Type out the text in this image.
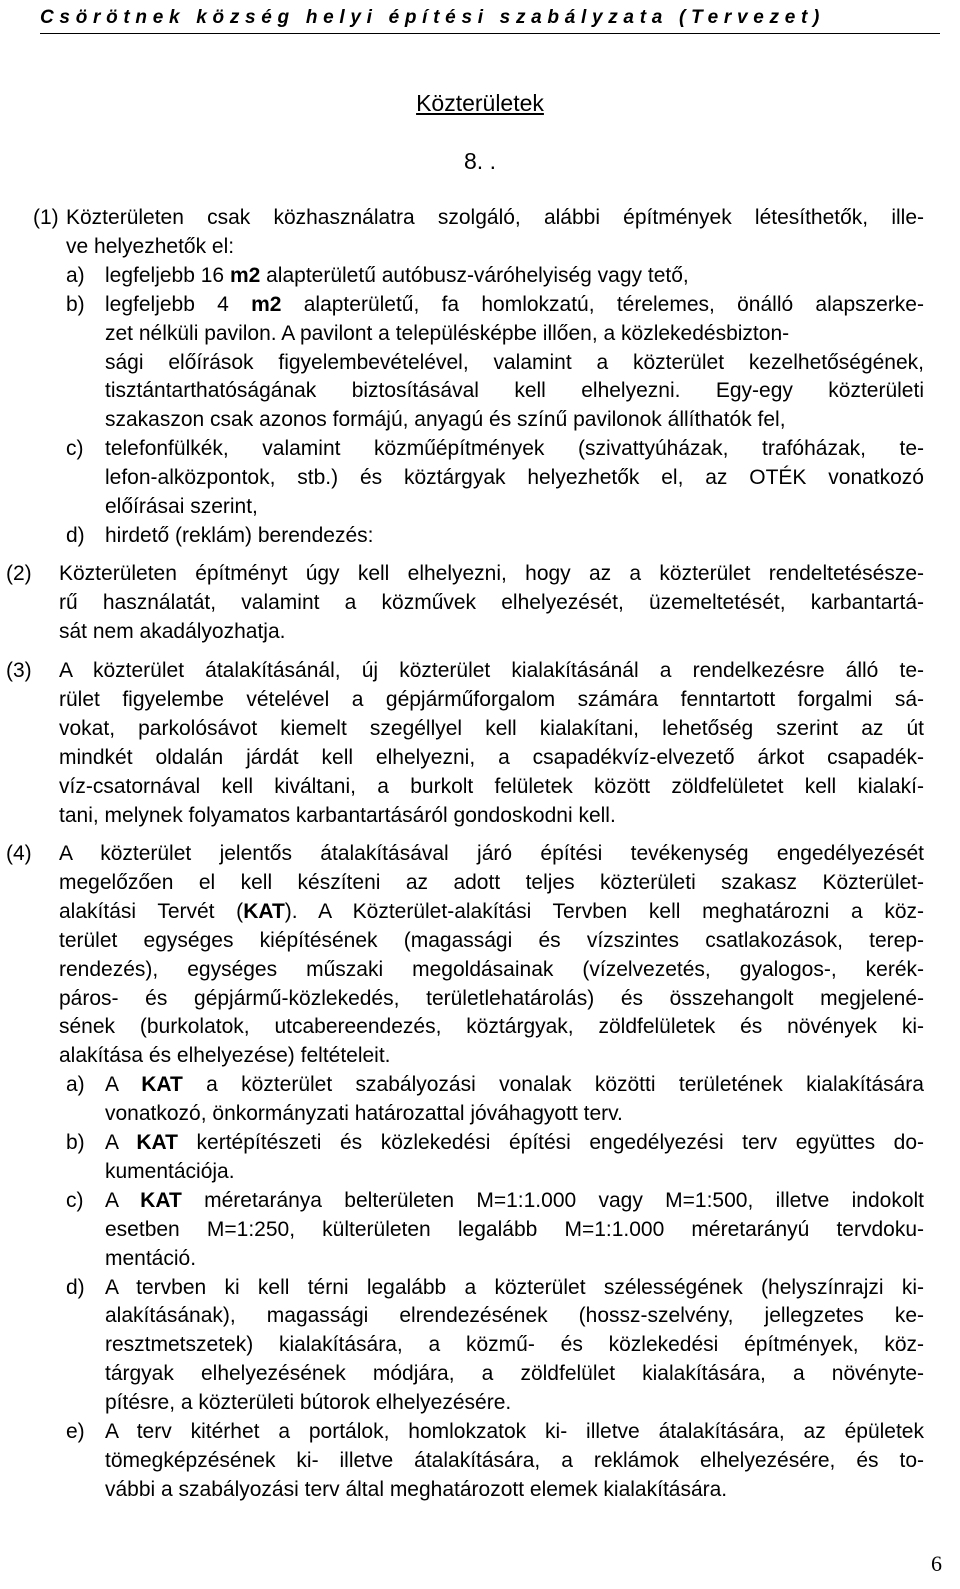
Csörötnek község helyi építési szabályzata (Tervezet)
Közterületek
8. .
(1) Közterületen csak közhasználatra szolgáló, alábbi építmények létesíthetők, ille-
ve helyezhetők el:
a) legfeljebb 16 m2 alapterületű autóbusz-váróhelyiség vagy tető,
b) legfeljebb 4 m2 alapterületű, fa homlokzatú, térelemes, önálló alapszerke-
zet nélküli pavilon. A pavilont a településképbe illően, a közlekedésbizton-
sági előírások figyelembevételével, valamint a közterület kezelhetőségének,
tisztántarthatóságának biztosításával kell elhelyezni. Egy-egy közterületi
szakaszon csak azonos formájú, anyagú és színű pavilonok állíthatók fel,
c) telefonfülkék, valamint közműépítmények (szivattyúházak, trafóházak, te-
lefon-alközpontok, stb.) és köztárgyak helyezhetők el, az OTÉK vonatkozó
előírásai szerint,
d) hirdető (reklám) berendezés:
(2) Közterületen építményt úgy kell elhelyezni, hogy az a közterület rendeltetésésze-
rű használatát, valamint a közművek elhelyezését, üzemeltetését, karbantartá-
sát nem akadályozhatja.
(3) A közterület átalakításánál, új közterület kialakításánál a rendelkezésre álló te-
rület figyelembe vételével a gépjárműforgalom számára fenntartott forgalmi sá-
vokat, parkolósávot kiemelt szegéllyel kell kialakítani, lehetőség szerint az út
mindkét oldalán járdát kell elhelyezni, a csapadékvíz-elvezető árkot csapadék-
víz-csatornával kell kiváltani, a burkolt felületek között zöldfelületet kell kialakí-
tani, melynek folyamatos karbantartásáról gondoskodni kell.
(4) A közterület jelentős átalakításával járó építési tevékenység engedélyezését
megelőzően el kell készíteni az adott teljes közterületi szakasz Közterület-
alakítási Tervét (KAT). A Közterület-alakítási Tervben kell meghatározni a köz-
terület egységes kiépítésének (magassági és vízszintes csatlakozások, terep-
rendezés), egységes műszaki megoldásainak (vízelvezetés, gyalogos-, kerék-
páros- és gépjármű-közlekedés, területlehatárolás) és összehangolt megjelené-
sének (burkolatok, utcabereendezés, köztárgyak, zöldfelületek és növények ki-
alakítása és elhelyezése) feltételeit.
a) A KAT a közterület szabályozási vonalak közötti területének kialakítására
vonatkozó, önkormányzati határozattal jóváhagyott terv.
b) A KAT kertépítészeti és közlekedési építési engedélyezési terv együttes do-
kumentációja.
c) A KAT méretaránya belterületen M=1:1.000 vagy M=1:500, illetve indokolt
esetben M=1:250, külterületen legalább M=1:1.000 méretarányú tervdoku-
mentáció.
d) A tervben ki kell térni legalább a közterület szélességének (helyszínrajzi ki-
alakításának), magassági elrendezésének (hossz-szelvény, jellegzetes ke-
resztmetszetek) kialakítására, a közmű- és közlekedési építmények, köz-
tárgyak elhelyezésének módjára, a zöldfelület kialakítására, a növényte-
pítésre, a közterületi bútorok elhelyezésére.
e) A terv kitérhet a portálok, homlokzatok ki- illetve átalakítására, az épületek
tömegképzésének ki- illetve átalakítására, a reklámok elhelyezésére, és to-
vábbi a szabályozási terv által meghatározott elemek kialakítására.
6
